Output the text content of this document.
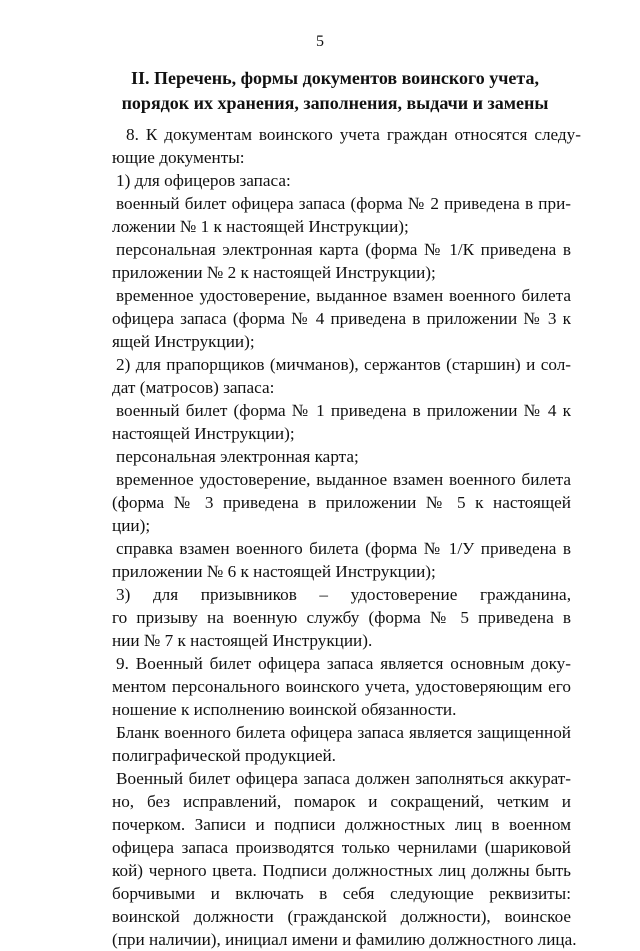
5
II. Перечень, формы документов воинского учета,
порядок их хранения, заполнения, выдачи и замены
8. К документам воинского учета граждан относятся следу-
ющие документы:
1) для офицеров запаса:
военный билет офицера запаса (форма № 2 приведена в при-
ложении № 1 к настоящей Инструкции);
персональная электронная карта (форма № 1/К приведена в
приложении № 2 к настоящей Инструкции);
временное удостоверение, выданное взамен военного билета
офицера запаса (форма № 4 приведена в приложении № 3 к
ящей Инструкции);
2) для прапорщиков (мичманов), сержантов (старшин) и сол-
дат (матросов) запаса:
военный билет (форма № 1 приведена в приложении № 4 к
настоящей Инструкции);
персональная электронная карта;
временное удостоверение, выданное взамен военного билета
(форма № 3 приведена в приложении № 5 к настоящей
ции);
справка взамен военного билета (форма № 1/У приведена в
приложении № 6 к настоящей Инструкции);
3) для призывников – удостоверение гражданина,
го призыву на военную службу (форма № 5 приведена в
нии № 7 к настоящей Инструкции).
9. Военный билет офицера запаса является основным доку-
ментом персонального воинского учета, удостоверяющим его
ношение к исполнению воинской обязанности.
Бланк военного билета офицера запаса является защищенной
полиграфической продукцией.
Военный билет офицера запаса должен заполняться аккурат-
но, без исправлений, помарок и сокращений, четким и
почерком. Записи и подписи должностных лиц в военном
офицера запаса производятся только чернилами (шариковой
кой) черного цвета. Подписи должностных лиц должны быть
борчивыми и включать в себя следующие реквизиты:
воинской должности (гражданской должности), воинское
(при наличии), инициал имени и фамилию должностного лица.
